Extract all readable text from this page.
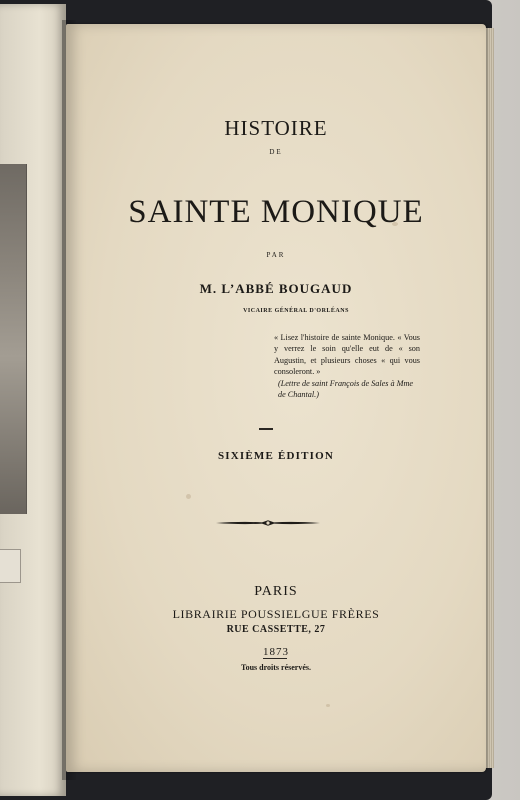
HISTOIRE
DE
SAINTE MONIQUE
PAR
M. L’ABBÉ BOUGAUD
VICAIRE GÉNÉRAL D'ORLÉANS
« Lisez l'histoire de sainte Monique. « Vous y verrez le soin qu'elle eut de « son Augustin, et plusieurs choses « qui vous consoleront. »
(Lettre de saint François de Sales à Mme de Chantal.)
SIXIÈME ÉDITION
PARIS
LIBRAIRIE POUSSIELGUE FRÈRES
RUE CASSETTE, 27
1873
Tous droits réservés.
